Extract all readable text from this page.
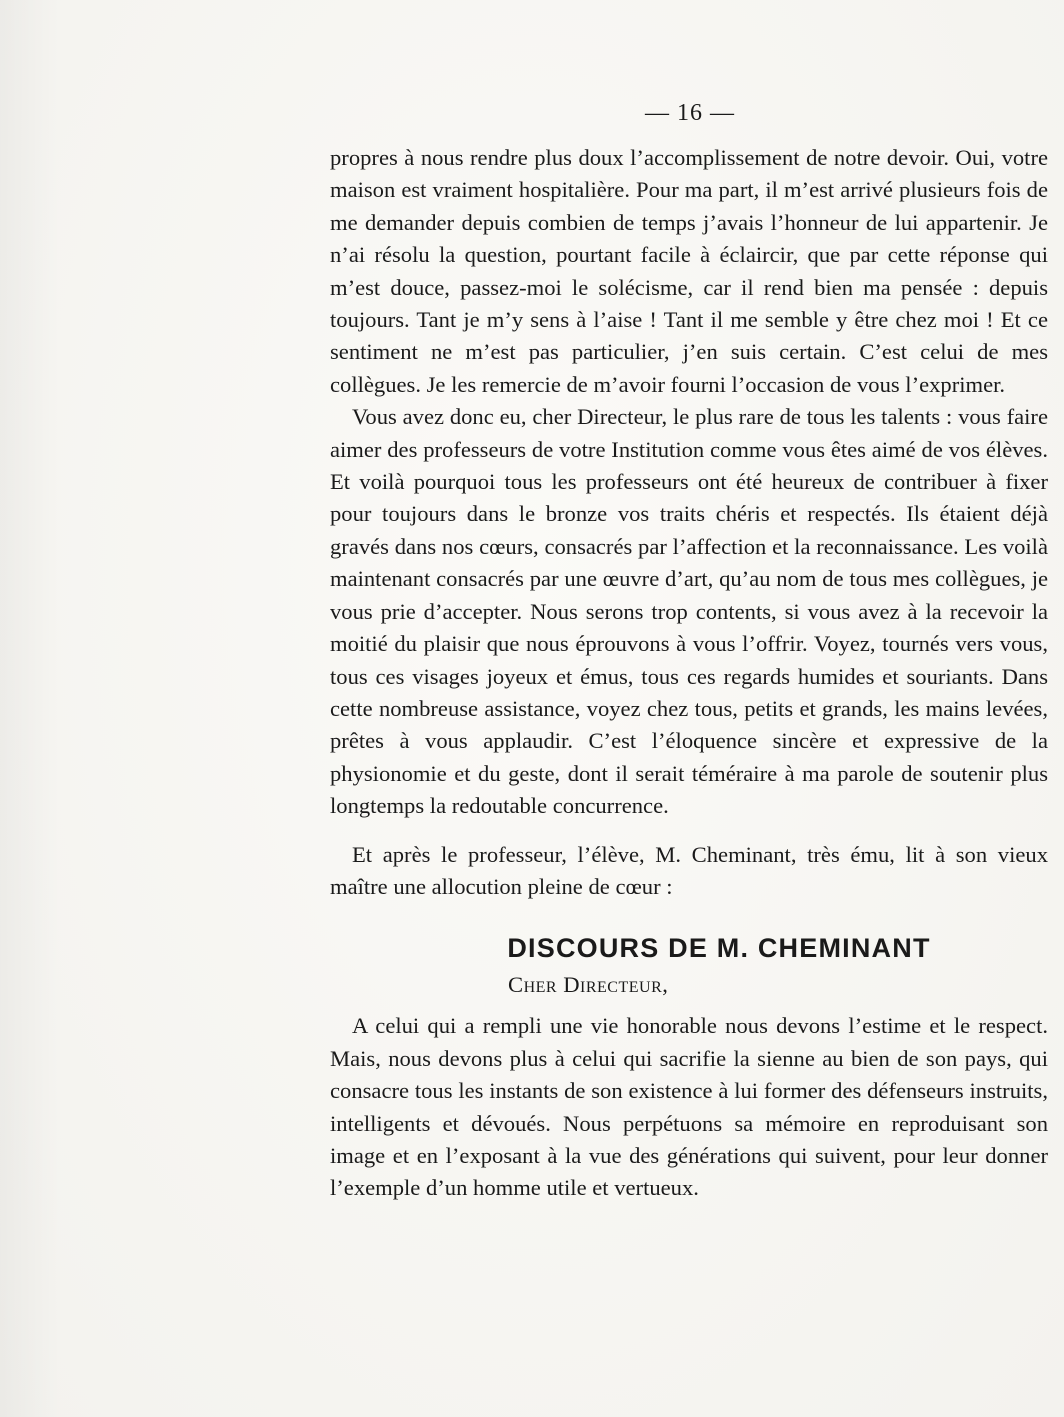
— 16 —

propres à nous rendre plus doux l’accomplissement de notre devoir. Oui, votre maison est vraiment hospitalière. Pour ma part, il m’est arrivé plusieurs fois de me demander depuis combien de temps j’avais l’honneur de lui appartenir. Je n’ai résolu la question, pourtant facile à éclaircir, que par cette réponse qui m’est douce, passez-moi le solécisme, car il rend bien ma pensée : depuis toujours. Tant je m’y sens à l’aise ! Tant il me semble y être chez moi ! Et ce sentiment ne m’est pas particulier, j’en suis certain. C’est celui de mes collègues. Je les remercie de m’avoir fourni l’occasion de vous l’exprimer.

Vous avez donc eu, cher Directeur, le plus rare de tous les talents : vous faire aimer des professeurs de votre Institution comme vous êtes aimé de vos élèves. Et voilà pourquoi tous les professeurs ont été heureux de contribuer à fixer pour toujours dans le bronze vos traits chéris et respectés. Ils étaient déjà gravés dans nos cœurs, consacrés par l’affection et la reconnaissance. Les voilà maintenant consacrés par une œuvre d’art, qu’au nom de tous mes collègues, je vous prie d’accepter. Nous serons trop contents, si vous avez à la recevoir la moitié du plaisir que nous éprouvons à vous l’offrir. Voyez, tournés vers vous, tous ces visages joyeux et émus, tous ces regards humides et souriants. Dans cette nombreuse assistance, voyez chez tous, petits et grands, les mains levées, prêtes à vous applaudir. C’est l’éloquence sincère et expressive de la physionomie et du geste, dont il serait téméraire à ma parole de soutenir plus longtemps la redoutable concurrence.

Et après le professeur, l’élève, M. Cheminant, très ému, lit à son vieux maître une allocution pleine de cœur :

DISCOURS DE M. CHEMINANT
Cher Directeur,

A celui qui a rempli une vie honorable nous devons l’estime et le respect. Mais, nous devons plus à celui qui sacrifie la sienne au bien de son pays, qui consacre tous les instants de son existence à lui former des défenseurs instruits, intelligents et dévoués. Nous perpétuons sa mémoire en reproduisant son image et en l’exposant à la vue des générations qui suivent, pour leur donner l’exemple d’un homme utile et vertueux.
